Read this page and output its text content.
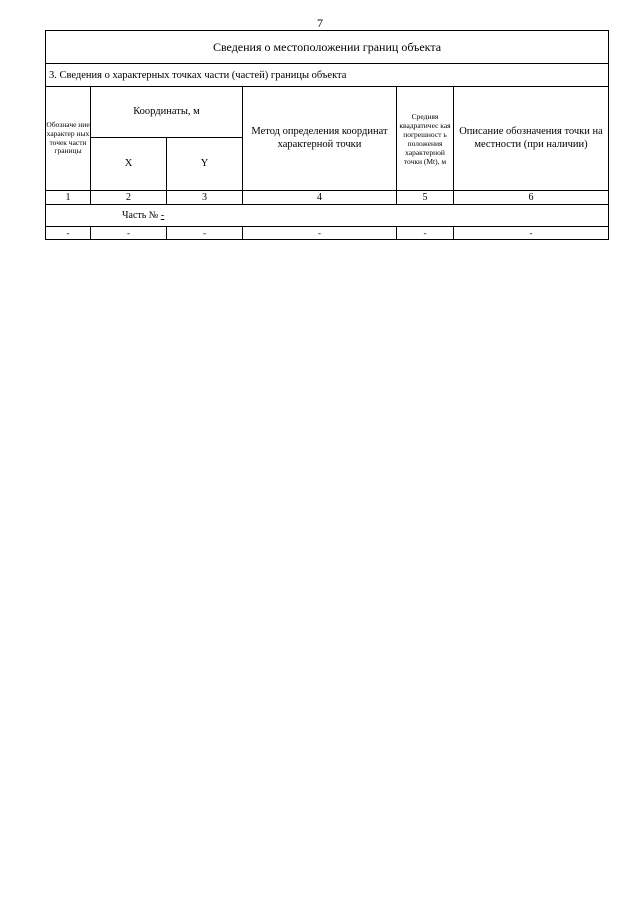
7
Сведения о местоположении границ объекта					
3. Сведения о характерных точках части (частей) границы объекта					
Обозначе ние характер ных точек части границы	Координаты, м		Метод определения координат характерной точки	Средняя квадратичес кая погрешност ь положения характерной точки (Mt), м	Описание обозначения точки на местности (при наличии)
	X	Y			
1	2	3	4	5	6
Часть № -					
-	-	-	-	-	-
